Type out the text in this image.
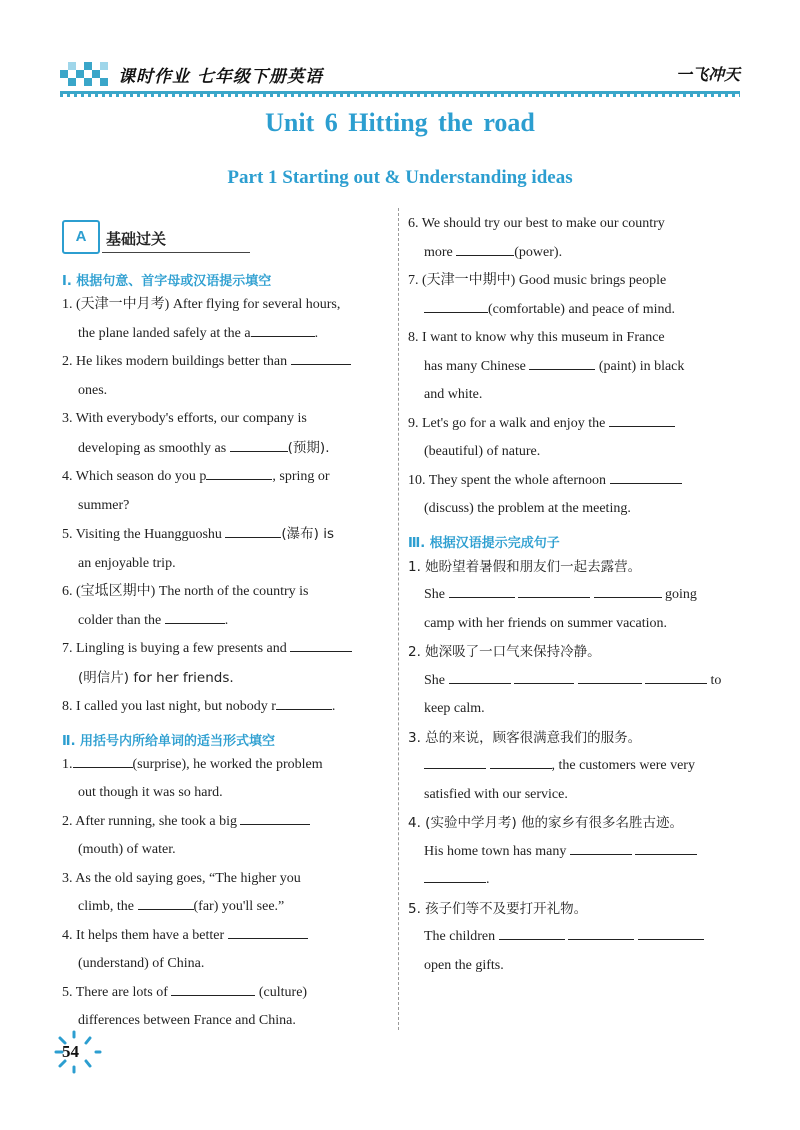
课时作业 七年级下册英语	一飞冲天
Unit 6 Hitting the road
Part 1 Starting out & Understanding ideas
A	基础过关
Ⅰ. 根据句意、首字母或汉语提示填空
1. (天津一中月考) After flying for several hours,
the plane landed safely at the a	.
2. He likes modern buildings better than
ones.
3. With everybody's efforts, our company is
developing as smoothly as	(预期).
4. Which season do you p	, spring or
summer?
5. Visiting the Huangguoshu	(瀑布) is
an enjoyable trip.
6. (宝坻区期中) The north of the country is
colder than the	.
7. Lingling is buying a few presents and
(明信片) for her friends.
8. I called you last night, but nobody r	.
Ⅱ. 用括号内所给单词的适当形式填空
1.	(surprise), he worked the problem
out though it was so hard.
2. After running, she took a big
(mouth) of water.
3. As the old saying goes, “The higher you
climb, the	(far) you'll see.”
4. It helps them have a better
(understand) of China.
5. There are lots of	(culture)
differences between France and China.
6. We should try our best to make our country
more	(power).
7. (天津一中期中) Good music brings people
(comfortable) and peace of mind.
8. I want to know why this museum in France
has many Chinese	(paint) in black
and white.
9. Let's go for a walk and enjoy the
(beautiful) of nature.
10. They spent the whole afternoon
(discuss) the problem at the meeting.
Ⅲ. 根据汉语提示完成句子
1. 她盼望着暑假和朋友们一起去露营。
She	going
camp with her friends on summer vacation.
2. 她深吸了一口气来保持冷静。
She	to
keep calm.
3. 总的来说，顾客很满意我们的服务。
, the customers were very
satisfied with our service.
4. (实验中学月考) 他的家乡有很多名胜古迹。
His home town has many
.
5. 孩子们等不及要打开礼物。
The children
open the gifts.
54
